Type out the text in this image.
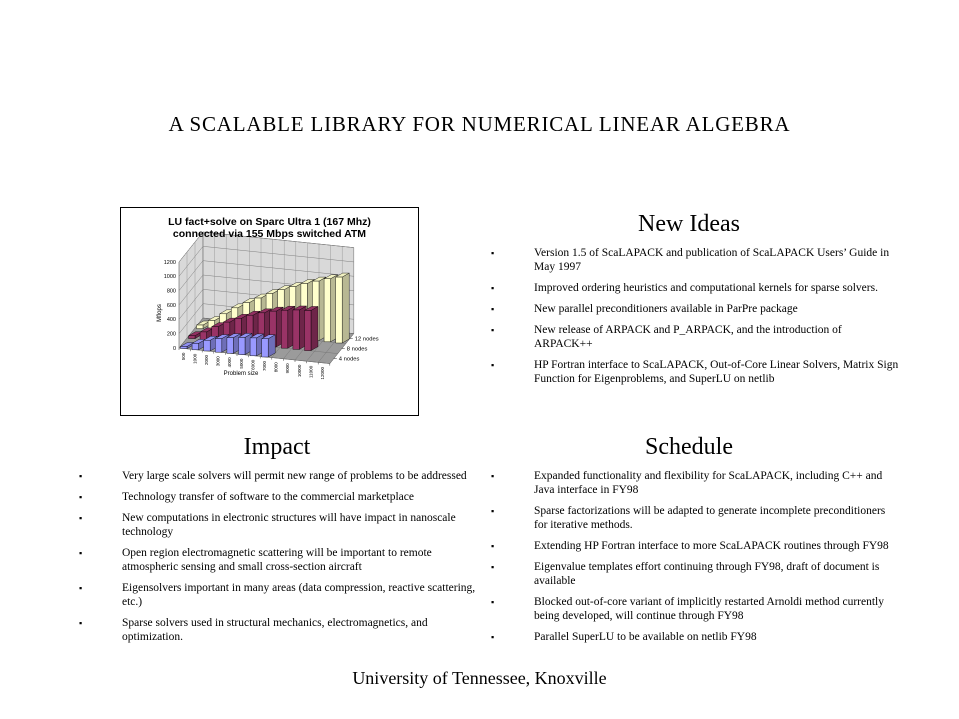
A SCALABLE LIBRARY FOR NUMERICAL LINEAR ALGEBRA
LU fact+solve on Sparc Ultra 1 (167 Mhz)
connected via 155 Mbps switched ATM
0
200
400
600
800
1000
1200
Mflops
500 1000 2000 3000 4000 5000 6000 7000 8000 9000 10000 11000 12000
Problem size
4 nodes
8 nodes
12 nodes
New Ideas
▪	Version 1.5 of ScaLAPACK and publication of ScaLAPACK Users’ Guide in May 1997
▪	Improved ordering heuristics and computational kernels for sparse solvers.
▪	New parallel preconditioners available in ParPre package
▪	New release of ARPACK and P_ARPACK, and the introduction of ARPACK++
▪	HP Fortran interface to ScaLAPACK, Out-of-Core Linear Solvers, Matrix Sign Function for Eigenproblems, and SuperLU on netlib
Impact
▪	Very large scale solvers will permit new range of problems to be addressed
▪	Technology transfer of software to the commercial marketplace
▪	New computations in electronic structures will have impact in nanoscale technology
▪	Open region electromagnetic scattering will be important to remote atmospheric sensing and small cross-section aircraft
▪	Eigensolvers important in many areas (data compression, reactive scattering, etc.)
▪	Sparse solvers used in structural mechanics, electromagnetics, and optimization.
Schedule
▪	Expanded functionality and flexibility for ScaLAPACK, including C++ and Java interface in FY98
▪	Sparse factorizations will be adapted to generate incomplete preconditioners for iterative methods.
▪	Extending HP Fortran interface to more ScaLAPACK routines through FY98
▪	Eigenvalue templates effort continuing through FY98, draft of document is available
▪	Blocked out-of-core variant of implicitly restarted Arnoldi method currently being developed, will continue through FY98
▪	Parallel SuperLU to be available on netlib FY98
University of Tennessee, Knoxville
